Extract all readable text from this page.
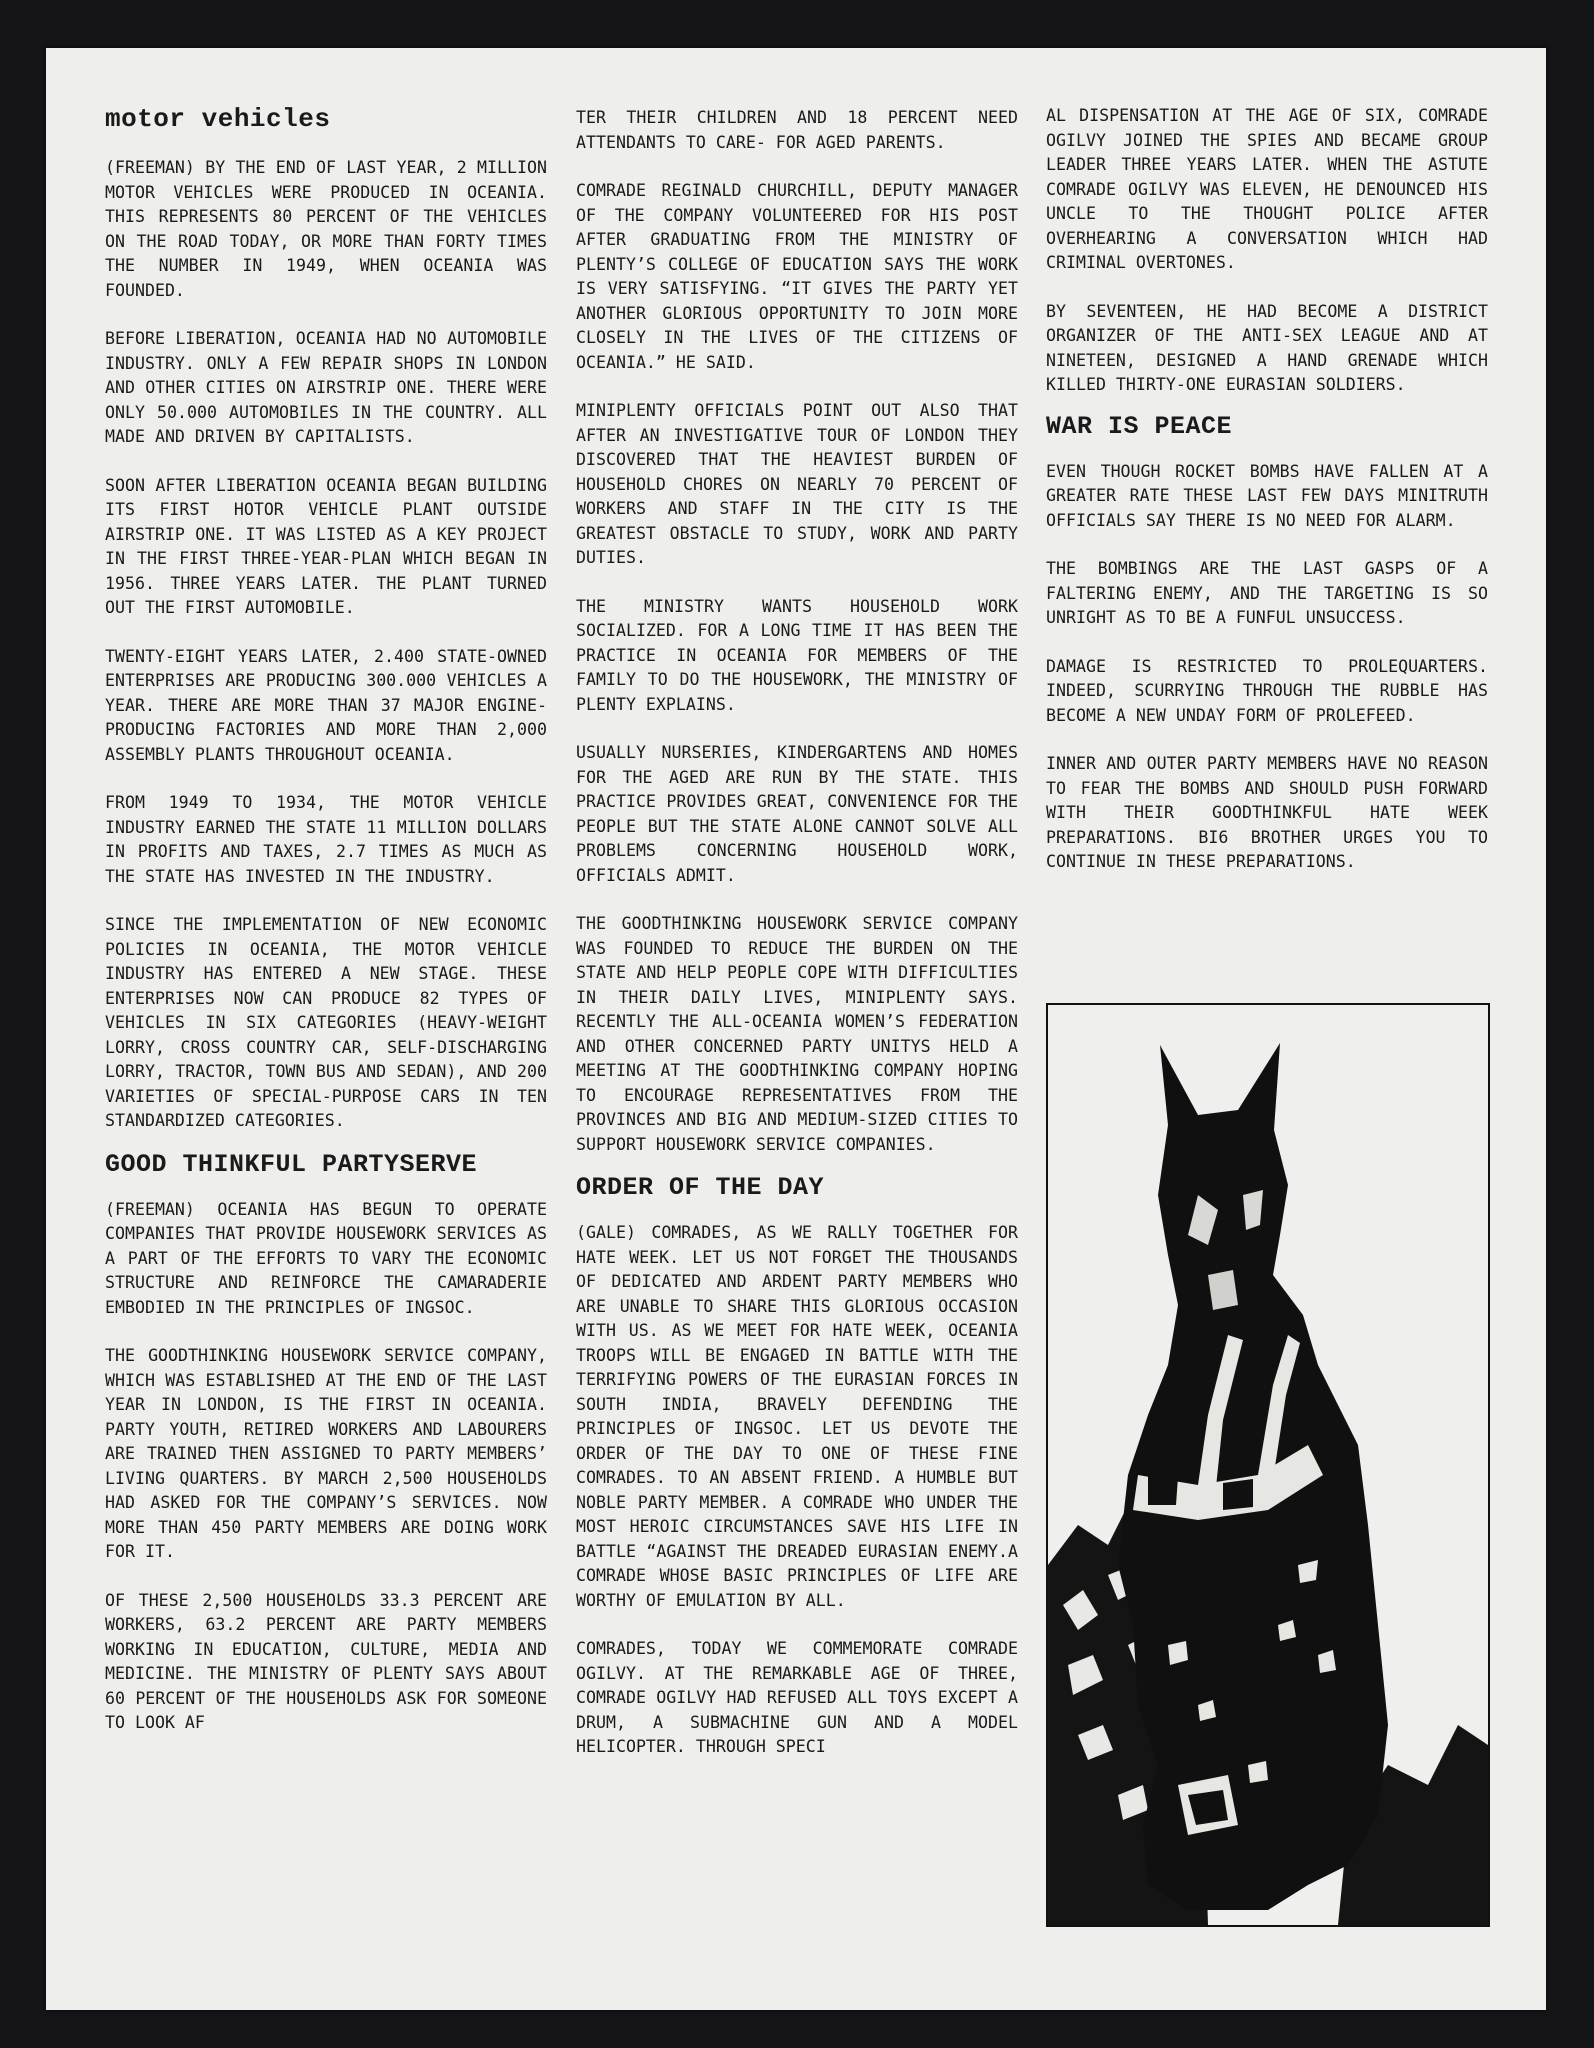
motor vehicles

(FREEMAN) BY THE END OF LAST YEAR, 2 MILLION MOTOR VEHICLES WERE PRODUCED IN OCEANIA. THIS REPRESENTS 80 PERCENT OF THE VEHICLES ON THE ROAD TODAY, OR MORE THAN FORTY TIMES THE NUMBER IN 1949, WHEN OCEANIA WAS FOUNDED.

BEFORE LIBERATION, OCEANIA HAD NO AUTOMOBILE INDUSTRY. ONLY A FEW REPAIR SHOPS IN LONDON AND OTHER CITIES ON AIRSTRIP ONE. THERE WERE ONLY 50.000 AUTOMOBILES IN THE COUNTRY. ALL MADE AND DRIVEN BY CAPITALISTS.

SOON AFTER LIBERATION OCEANIA BEGAN BUILDING ITS FIRST HOTOR VEHICLE PLANT OUTSIDE AIRSTRIP ONE. IT WAS LISTED AS A KEY PROJECT IN THE FIRST THREE-YEAR-PLAN WHICH BEGAN IN 1956. THREE YEARS LATER. THE PLANT TURNED OUT THE FIRST AUTOMOBILE.

TWENTY-EIGHT YEARS LATER, 2.400 STATE-OWNED ENTERPRISES ARE PRODUCING 300.000 VEHICLES A YEAR. THERE ARE MORE THAN 37 MAJOR ENGINE-PRODUCING FACTORIES AND MORE THAN 2,000 ASSEMBLY PLANTS THROUGHOUT OCEANIA.

FROM 1949 TO 1934, THE MOTOR VEHICLE INDUSTRY EARNED THE STATE 11 MILLION DOLLARS IN PROFITS AND TAXES, 2.7 TIMES AS MUCH AS THE STATE HAS INVESTED IN THE INDUSTRY.

SINCE THE IMPLEMENTATION OF NEW ECONOMIC POLICIES IN OCEANIA, THE MOTOR VEHICLE INDUSTRY HAS ENTERED A NEW STAGE. THESE ENTERPRISES NOW CAN PRODUCE 82 TYPES OF VEHICLES IN SIX CATEGORIES (HEAVY-WEIGHT LORRY, CROSS COUNTRY CAR, SELF-DISCHARGING LORRY, TRACTOR, TOWN BUS AND SEDAN), AND 200 VARIETIES OF SPECIAL-PURPOSE CARS IN TEN STANDARDIZED CATEGORIES.

GOOD THINKFUL PARTYSERVE

(FREEMAN) OCEANIA HAS BEGUN TO OPERATE COMPANIES THAT PROVIDE HOUSEWORK SERVICES AS A PART OF THE EFFORTS TO VARY THE ECONOMIC STRUCTURE AND REINFORCE THE CAMARADERIE EMBODIED IN THE PRINCIPLES OF INGSOC.

THE GOODTHINKING HOUSEWORK SERVICE COMPANY, WHICH WAS ESTABLISHED AT THE END OF THE LAST YEAR IN LONDON, IS THE FIRST IN OCEANIA. PARTY YOUTH, RETIRED WORKERS AND LABOURERS ARE TRAINED THEN ASSIGNED TO PARTY MEMBERS’ LIVING QUARTERS. BY MARCH 2,500 HOUSEHOLDS HAD ASKED FOR THE COMPANY’S SERVICES. NOW MORE THAN 450 PARTY MEMBERS ARE DOING WORK FOR IT.

OF THESE 2,500 HOUSEHOLDS 33.3 PERCENT ARE WORKERS, 63.2 PERCENT ARE PARTY MEMBERS WORKING IN EDUCATION, CULTURE, MEDIA AND MEDICINE. THE MINISTRY OF PLENTY SAYS ABOUT 60 PERCENT OF THE HOUSEHOLDS ASK FOR SOMEONE TO LOOK AF

TER THEIR CHILDREN AND 18 PERCENT NEED ATTENDANTS TO CARE- FOR AGED PARENTS.

COMRADE REGINALD CHURCHILL, DEPUTY MANAGER OF THE COMPANY VOLUNTEERED FOR HIS POST AFTER GRADUATING FROM THE MINISTRY OF PLENTY’S COLLEGE OF EDUCATION SAYS THE WORK IS VERY SATISFYING. “IT GIVES THE PARTY YET ANOTHER GLORIOUS OPPORTUNITY TO JOIN MORE CLOSELY IN THE LIVES OF THE CITIZENS OF OCEANIA.” HE SAID.

MINIPLENTY OFFICIALS POINT OUT ALSO THAT AFTER AN INVESTIGATIVE TOUR OF LONDON THEY DISCOVERED THAT THE HEAVIEST BURDEN OF HOUSEHOLD CHORES ON NEARLY 70 PERCENT OF WORKERS AND STAFF IN THE CITY IS THE GREATEST OBSTACLE TO STUDY, WORK AND PARTY DUTIES.

THE MINISTRY WANTS HOUSEHOLD WORK SOCIALIZED. FOR A LONG TIME IT HAS BEEN THE PRACTICE IN OCEANIA FOR MEMBERS OF THE FAMILY TO DO THE HOUSEWORK, THE MINISTRY OF PLENTY EXPLAINS.

USUALLY NURSERIES, KINDERGARTENS AND HOMES FOR THE AGED ARE RUN BY THE STATE. THIS PRACTICE PROVIDES GREAT, CONVENIENCE FOR THE PEOPLE BUT THE STATE ALONE CANNOT SOLVE ALL PROBLEMS CONCERNING HOUSEHOLD WORK, OFFICIALS ADMIT.

THE GOODTHINKING HOUSEWORK SERVICE COMPANY WAS FOUNDED TO REDUCE THE BURDEN ON THE STATE AND HELP PEOPLE COPE WITH DIFFICULTIES IN THEIR DAILY LIVES, MINIPLENTY SAYS. RECENTLY THE ALL-OCEANIA WOMEN’S FEDERATION AND OTHER CONCERNED PARTY UNITYS HELD A MEETING AT THE GOODTHINKING COMPANY HOPING TO ENCOURAGE REPRESENTATIVES FROM THE PROVINCES AND BIG AND MEDIUM-SIZED CITIES TO SUPPORT HOUSEWORK SERVICE COMPANIES.

ORDER OF THE DAY

(GALE) COMRADES, AS WE RALLY TOGETHER FOR HATE WEEK. LET US NOT FORGET THE THOUSANDS OF DEDICATED AND ARDENT PARTY MEMBERS WHO ARE UNABLE TO SHARE THIS GLORIOUS OCCASION WITH US. AS WE MEET FOR HATE WEEK, OCEANIA TROOPS WILL BE ENGAGED IN BATTLE WITH THE TERRIFYING POWERS OF THE EURASIAN FORCES IN SOUTH INDIA, BRAVELY DEFENDING THE PRINCIPLES OF INGSOC. LET US DEVOTE THE ORDER OF THE DAY TO ONE OF THESE FINE COMRADES. TO AN ABSENT FRIEND. A HUMBLE BUT NOBLE PARTY MEMBER. A COMRADE WHO UNDER THE MOST HEROIC CIRCUMSTANCES SAVE HIS LIFE IN BATTLE “AGAINST THE DREADED EURASIAN ENEMY.A COMRADE WHOSE BASIC PRINCIPLES OF LIFE ARE WORTHY OF EMULATION BY ALL.

COMRADES, TODAY WE COMMEMORATE COMRADE OGILVY. AT THE REMARKABLE AGE OF THREE, COMRADE OGILVY HAD REFUSED ALL TOYS EXCEPT A DRUM, A SUBMACHINE GUN AND A MODEL HELICOPTER. THROUGH SPECI

AL DISPENSATION AT THE AGE OF SIX, COMRADE OGILVY JOINED THE SPIES AND BECAME GROUP LEADER THREE YEARS LATER. WHEN THE ASTUTE COMRADE OGILVY WAS ELEVEN, HE DENOUNCED HIS UNCLE TO THE THOUGHT POLICE AFTER OVERHEARING A CONVERSATION WHICH HAD CRIMINAL OVERTONES.

BY SEVENTEEN, HE HAD BECOME A DISTRICT ORGANIZER OF THE ANTI-SEX LEAGUE AND AT NINETEEN, DESIGNED A HAND GRENADE WHICH KILLED THIRTY-ONE EURASIAN SOLDIERS.

WAR IS PEACE

EVEN THOUGH ROCKET BOMBS HAVE FALLEN AT A GREATER RATE THESE LAST FEW DAYS MINITRUTH OFFICIALS SAY THERE IS NO NEED FOR ALARM.

THE BOMBINGS ARE THE LAST GASPS OF A FALTERING ENEMY, AND THE TARGETING IS SO UNRIGHT AS TO BE A FUNFUL UNSUCCESS.

DAMAGE IS RESTRICTED TO PROLEQUARTERS. INDEED, SCURRYING THROUGH THE RUBBLE HAS BECOME A NEW UNDAY FORM OF PROLEFEED.

INNER AND OUTER PARTY MEMBERS HAVE NO REASON TO FEAR THE BOMBS AND SHOULD PUSH FORWARD WITH THEIR GOODTHINKFUL HATE WEEK PREPARATIONS. BI6 BROTHER URGES YOU TO CONTINUE IN THESE PREPARATIONS.
